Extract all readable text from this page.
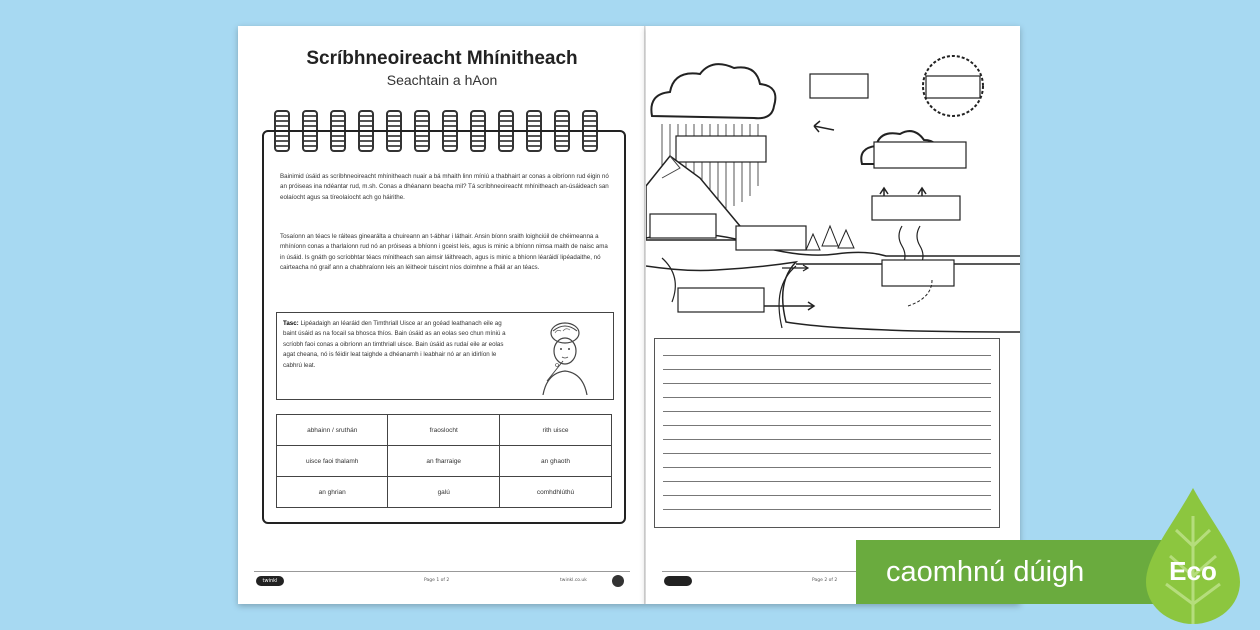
Scríbhneoireacht Mhínitheach
Seachtain a hAon
Bainimid úsáid as scríbhneoireacht mhínitheach nuair a bá mhaith linn míniú a thabhairt ar conas a oibríonn rud éigin nó an próiseas ina ndéantar rud, m.sh. Conas a dhéanann beacha mil? Tá scríbhneoireacht mhínitheach an-úsáideach san eolaíocht agus sa tíreolaíocht ach go háirithe.
Tosaíonn an téacs le ráiteas ginearálta a chuireann an t-ábhar i láthair. Ansin bíonn sraith loighciúil de chéimeanna a mhíníonn conas a tharlaíonn rud nó an próiseas a bhíonn i gceist leis, agus is minic a bhíonn nimsa maith de naisc ama in úsáid. Is gnáth go scríobhtar téacs mínitheach san aimsir láithreach, agus is minic a bhíonn léaráidí lipéadaithe, nó cairteacha nó graif ann a chabhraíonn leis an léitheoir tuiscint níos doimhne a fháil ar an téacs.
Tasc: Lipéadaigh an léaráid den Timthriall Uisce ar an gcéad leathanach eile ag baint úsáid as na focail sa bhosca thíos. Bain úsáid as an eolas seo chun míniú a scríobh faoi conas a oibríonn an timthriall uisce. Bain úsáid as rudaí eile ar eolas agat cheana, nó is féidir leat taighde a dhéanamh i leabhair nó ar an idirlíon le cabhrú leat.
abhainn / sruthán	fraoslocht	rith uisce
uisce faoi thalamh	an fharraige	an ghaoth
an ghrian	galú	comhdhlúthú
twinkl	Page 1 of 2	twinkl.co.uk	Page 2 of 2 caomhnú dúigh	Eco
